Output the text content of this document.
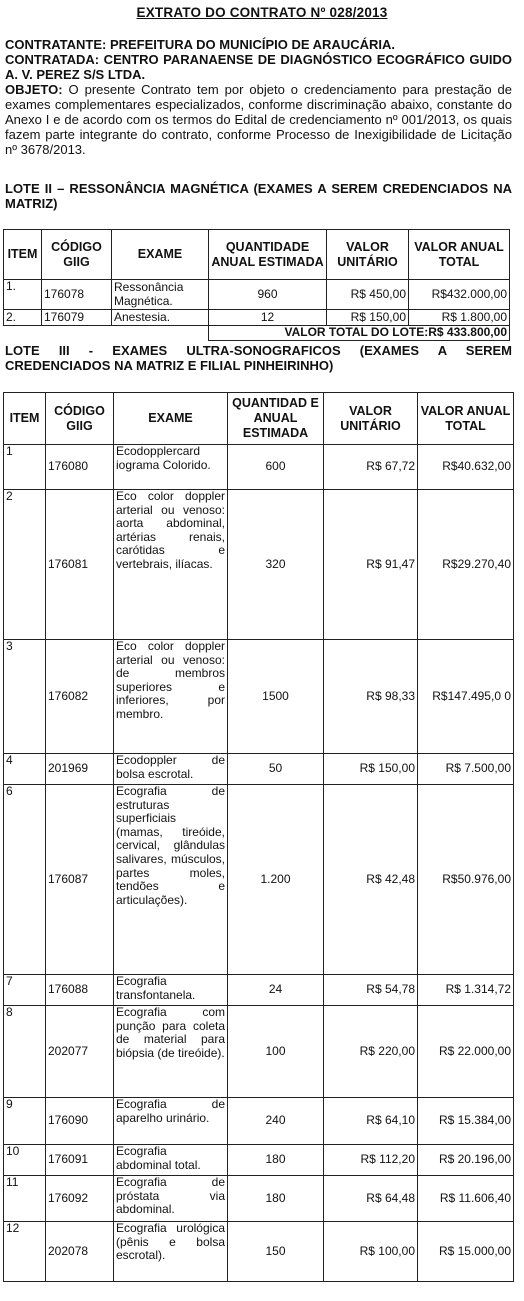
EXTRATO DO CONTRATO Nº 028/2013
CONTRATANTE: PREFEITURA DO MUNICÍPIO DE ARAUCÁRIA.
CONTRATADA: CENTRO PARANAENSE DE DIAGNÓSTICO ECOGRÁFICO GUIDO A. V. PEREZ S/S LTDA.
OBJETO: O presente Contrato tem por objeto o credenciamento para prestação de exames complementares especializados, conforme discriminação abaixo, constante do Anexo I e de acordo com os termos do Edital de credenciamento nº 001/2013, os quais fazem parte integrante do contrato, conforme Processo de Inexigibilidade de Licitação nº 3678/2013.
LOTE II – RESSONÂNCIA MAGNÉTICA (EXAMES A SEREM CREDENCIADOS NA MATRIZ)
ITEM	CÓDIGO GIIG	EXAME	QUANTIDADE ANUAL ESTIMADA	VALOR UNITÁRIO	VALOR ANUAL TOTAL
1.	176078	Ressonância Magnética.	960	R$ 450,00	R$432.000,00
2.	176079	Anestesia.	12	R$ 150,00	R$ 1.800,00
			VALOR TOTAL DO LOTE:R$ 433.800,00		
LOTE III - EXAMES ULTRA-SONOGRAFICOS (EXAMES A SEREM CREDENCIADOS NA MATRIZ E FILIAL PINHEIRINHO)
ITEM	CÓDIGO GIIG	EXAME	QUANTIDAD E ANUAL ESTIMADA	VALOR UNITÁRIO	VALOR ANUAL TOTAL
1	176080	Ecodopplercard iograma Colorido.	600	R$ 67,72	R$40.632,00
2	176081	Eco color doppler arterial ou venoso: aorta abdominal, artérias renais, carótidas e vertebrais, ilíacas.	320	R$ 91,47	R$29.270,40
3	176082	Eco color doppler arterial ou venoso: de membros superiores e inferiores, por membro.	1500	R$ 98,33	R$147.495,0 0
4	201969	Ecodoppler de bolsa escrotal.	50	R$ 150,00	R$ 7.500,00
6	176087	Ecografia de estruturas superficiais (mamas, tireóide, cervical, glândulas salivares, músculos, partes moles, tendões e articulações).	1.200	R$ 42,48	R$50.976,00
7	176088	Ecografia transfontanela.	24	R$ 54,78	R$ 1.314,72
8	202077	Ecografia com punção para coleta de material para biópsia (de tireóide).	100	R$ 220,00	R$ 22.000,00
9	176090	Ecografia de aparelho urinário.	240	R$ 64,10	R$ 15.384,00
10	176091	Ecografia abdominal total.	180	R$ 112,20	R$ 20.196,00
11	176092	Ecografia de próstata via abdominal.	180	R$ 64,48	R$ 11.606,40
12	202078	Ecografia urológica (pênis e bolsa escrotal).	150	R$ 100,00	R$ 15.000,00
